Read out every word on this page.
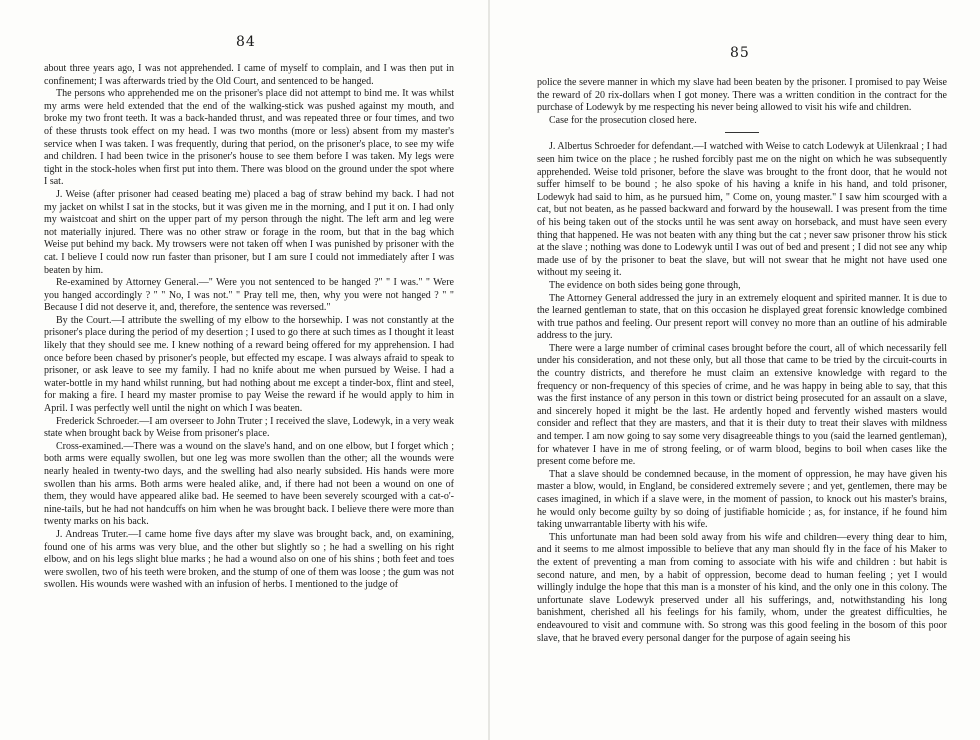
84

about three years ago, I was not apprehended. I came of myself to complain, and I was then put in confinement; I was afterwards tried by the Old Court, and sentenced to be hanged.

The persons who apprehended me on the prisoner's place did not attempt to bind me. It was whilst my arms were held extended that the end of the walking-stick was pushed against my mouth, and broke my two front teeth. It was a back-handed thrust, and was repeated three or four times, and two of these thrusts took effect on my head. I was two months (more or less) absent from my master's service when I was taken. I was frequently, during that period, on the prisoner's place, to see my wife and children. I had been twice in the prisoner's house to see them before I was taken. My legs were tight in the stock-holes when first put into them. There was blood on the ground under the spot where I sat.

J. Weise (after prisoner had ceased beating me) placed a bag of straw behind my back. I had not my jacket on whilst I sat in the stocks, but it was given me in the morning, and I put it on. I had only my waistcoat and shirt on the upper part of my person through the night. The left arm and leg were not materially injured. There was no other straw or forage in the room, but that in the bag which Weise put behind my back. My trowsers were not taken off when I was punished by prisoner with the cat. I believe I could now run faster than prisoner, but I am sure I could not immediately after I was beaten by him.

Re-examined by Attorney General.—" Were you not sentenced to be hanged ?" " I was." " Were you hanged accordingly ? " " No, I was not." " Pray tell me, then, why you were not hanged ? " " Because I did not deserve it, and, therefore, the sentence was reversed."

By the Court.—I attribute the swelling of my elbow to the horsewhip. I was not constantly at the prisoner's place during the period of my desertion ; I used to go there at such times as I thought it least likely that they should see me. I knew nothing of a reward being offered for my apprehension. I had once before been chased by prisoner's people, but effected my escape. I was always afraid to speak to prisoner, or ask leave to see my family. I had no knife about me when pursued by Weise. I had a water-bottle in my hand whilst running, but had nothing about me except a tinder-box, flint and steel, for making a fire. I heard my master promise to pay Weise the reward if he would apply to him in April. I was perfectly well until the night on which I was beaten.

Frederick Schroeder.—I am overseer to John Truter ; I received the slave, Lodewyk, in a very weak state when brought back by Weise from prisoner's place.

Cross-examined.—There was a wound on the slave's hand, and on one elbow, but I forget which ; both arms were equally swollen, but one leg was more swollen than the other; all the wounds were nearly healed in twenty-two days, and the swelling had also nearly subsided. His hands were more swollen than his arms. Both arms were healed alike, and, if there had not been a wound on one of them, they would have appeared alike bad. He seemed to have been severely scourged with a cat-o'-nine-tails, but he had not handcuffs on him when he was brought back. I believe there were more than twenty marks on his back.

J. Andreas Truter.—I came home five days after my slave was brought back, and, on examining, found one of his arms was very blue, and the other but slightly so ; he had a swelling on his right elbow, and on his legs slight blue marks ; he had a wound also on one of his shins ; both feet and toes were swollen, two of his teeth were broken, and the stump of one of them was loose ; the gum was not swollen. His wounds were washed with an infusion of herbs. I mentioned to the judge of

85

police the severe manner in which my slave had been beaten by the prisoner. I promised to pay Weise the reward of 20 rix-dollars when I got money. There was a written condition in the contract for the purchase of Lodewyk by me respecting his never being allowed to visit his wife and children.

Case for the prosecution closed here.

J. Albertus Schroeder for defendant.—I watched with Weise to catch Lodewyk at Uilenkraal ; I had seen him twice on the place ; he rushed forcibly past me on the night on which he was subsequently apprehended. Weise told prisoner, before the slave was brought to the front door, that he would not suffer himself to be bound ; he also spoke of his having a knife in his hand, and told prisoner, Lodewyk had said to him, as he pursued him, " Come on, young master." I saw him scourged with a cat, but not beaten, as he passed backward and forward by the housewall. I was present from the time of his being taken out of the stocks until he was sent away on horseback, and must have seen every thing that happened. He was not beaten with any thing but the cat ; never saw prisoner throw his stick at the slave ; nothing was done to Lodewyk until I was out of bed and present ; I did not see any whip made use of by the prisoner to beat the slave, but will not swear that he might not have used one without my seeing it.

The evidence on both sides being gone through,

The Attorney General addressed the jury in an extremely eloquent and spirited manner. It is due to the learned gentleman to state, that on this occasion he displayed great forensic knowledge combined with true pathos and feeling. Our present report will convey no more than an outline of his admirable address to the jury.

There were a large number of criminal cases brought before the court, all of which necessarily fell under his consideration, and not these only, but all those that came to be tried by the circuit-courts in the country districts, and therefore he must claim an extensive knowledge with regard to the frequency or non-frequency of this species of crime, and he was happy in being able to say, that this was the first instance of any person in this town or district being prosecuted for an assault on a slave, and sincerely hoped it might be the last. He ardently hoped and fervently wished masters would consider and reflect that they are masters, and that it is their duty to treat their slaves with mildness and temper. I am now going to say some very disagreeable things to you (said the learned gentleman), for whatever I have in me of strong feeling, or of warm blood, begins to boil when cases like the present come before me.

That a slave should be condemned because, in the moment of oppression, he may have given his master a blow, would, in England, be considered extremely severe ; and yet, gentlemen, there may be cases imagined, in which if a slave were, in the moment of passion, to knock out his master's brains, he would only become guilty by so doing of justifiable homicide ; as, for instance, if he found him taking unwarrantable liberty with his wife.

This unfortunate man had been sold away from his wife and children—every thing dear to him, and it seems to me almost impossible to believe that any man should fly in the face of his Maker to the extent of preventing a man from coming to associate with his wife and children : but habit is second nature, and men, by a habit of oppression, become dead to human feeling ; yet I would willingly indulge the hope that this man is a monster of his kind, and the only one in this colony. The unfortunate slave Lodewyk preserved under all his sufferings, and, notwithstanding his long banishment, cherished all his feelings for his family, whom, under the greatest difficulties, he endeavoured to visit and commune with. So strong was this good feeling in the bosom of this poor slave, that he braved every personal danger for the purpose of again seeing his
